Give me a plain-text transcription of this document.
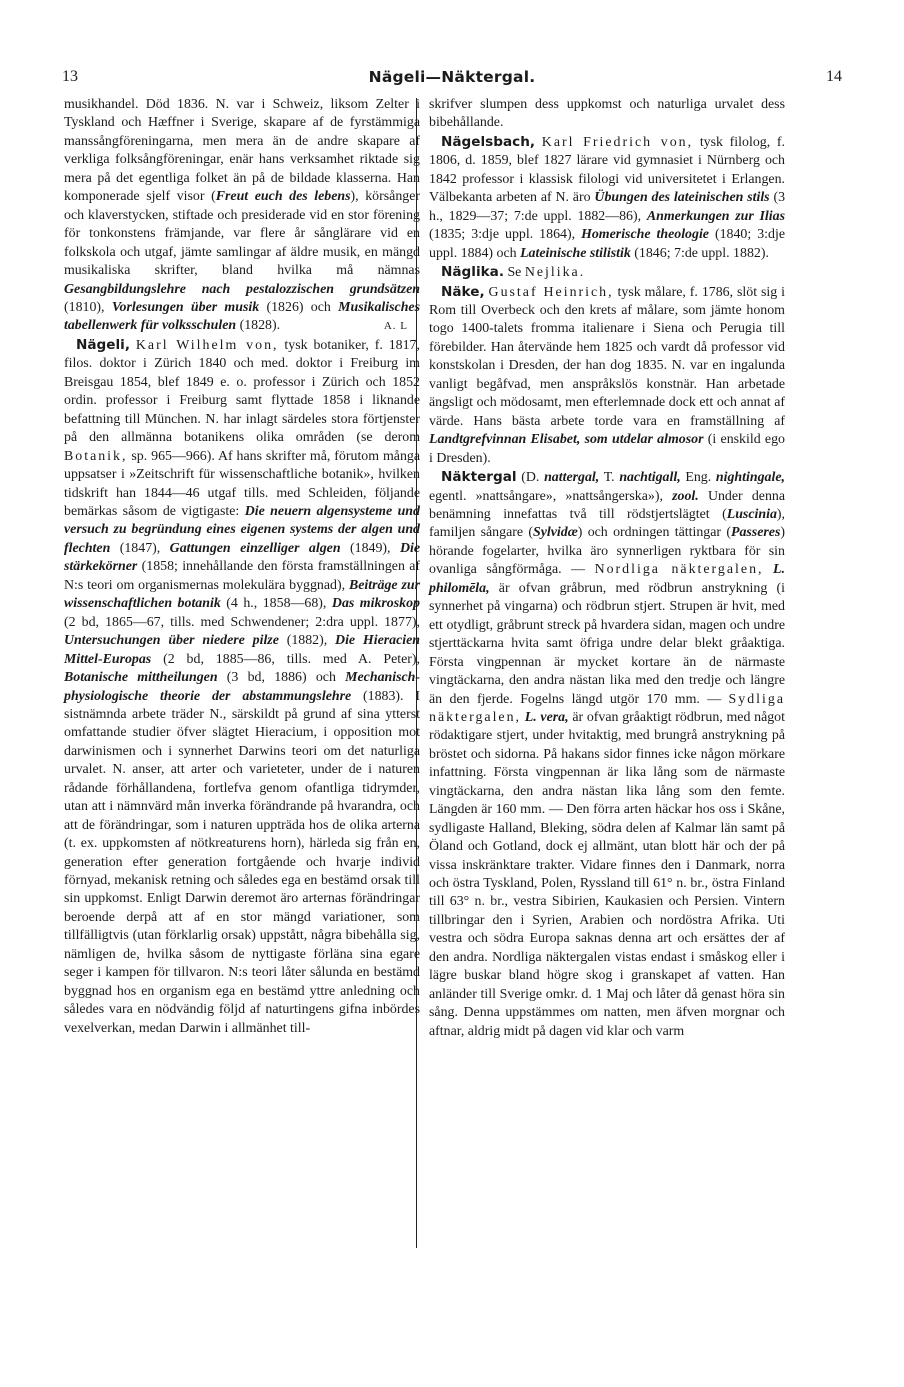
13	Nägeli—Näktergal.	14

musikhandel. Död 1836. N. var i Schweiz, liksom Zelter i Tyskland och Hæffner i Sverige, skapare af de fyrstämmiga manssångföreningarna, men mera än de andre skapare af verkliga folksångföreningar, enär hans verksamhet riktade sig mera på det egentliga folket än på de bildade klasserna. Han komponerade sjelf visor (Freut euch des lebens), körsånger och klaverstycken, stiftade och presiderade vid en stor förening för tonkonstens främjande, var flere år sånglärare vid en folkskola och utgaf, jämte samlingar af äldre musik, en mängd musikaliska skrifter, bland hvilka må nämnas Gesangbildungslehre nach pestalozzischen grundsätzen (1810), Vorlesungen über musik (1826) och Musikalisches tabellenwerk für volksschulen (1828).	A. L

Nägeli, Karl Wilhelm von, tysk botaniker, f. 1817, filos. doktor i Zürich 1840 och med. doktor i Freiburg im Breisgau 1854, blef 1849 e. o. professor i Zürich och 1852 ordin. professor i Freiburg samt flyttade 1858 i liknande befattning till München. N. har inlagt särdeles stora förtjenster på den allmänna botanikens olika områden (se derom Botanik, sp. 965—966). Af hans skrifter må, förutom många uppsatser i »Zeitschrift für wissenschaftliche botanik», hvilken tidskrift han 1844—46 utgaf tills. med Schleiden, följande bemärkas såsom de vigtigaste: Die neuern algensysteme und versuch zu begründung eines eigenen systems der algen und flechten (1847), Gattungen einzelliger algen (1849), Die stärkekörner (1858; innehållande den första framställningen af N:s teori om organismernas molekulära byggnad), Beiträge zur wissenschaftlichen botanik (4 h., 1858—68), Das mikroskop (2 bd, 1865—67, tills. med Schwendener; 2:dra uppl. 1877), Untersuchungen über niedere pilze (1882), Die Hieracien Mittel-Europas (2 bd, 1885—86, tills. med A. Peter), Botanische mittheilungen (3 bd, 1886) och Mechanisch-physiologische theorie der abstammungslehre (1883). I sistnämnda arbete träder N., särskildt på grund af sina ytterst omfattande studier öfver slägtet Hieracium, i opposition mot darwinismen och i synnerhet Darwins teori om det naturliga urvalet. N. anser, att arter och varieteter, under de i naturen rådande förhållandena, fortlefva genom ofantliga tidrymder, utan att i nämnvärd mån inverka förändrande på hvarandra, och att de förändringar, som i naturen uppträda hos de olika arterna (t. ex. uppkomsten af nötkreaturens horn), härleda sig från en, generation efter generation fortgående och hvarje individ förnyad, mekanisk retning och således ega en bestämd orsak till sin uppkomst. Enligt Darwin deremot äro arternas förändringar beroende derpå att af en stor mängd variationer, som tillfälligtvis (utan förklarlig orsak) uppstått, några bibehålla sig, nämligen de, hvilka såsom de nyttigaste förläna sina egare seger i kampen för tillvaron. N:s teori låter sålunda en bestämd byggnad hos en organism ega en bestämd yttre anledning och således vara en nödvändig följd af naturtingens gifna inbördes vexelverkan, medan Darwin i allmänhet till-

skrifver slumpen dess uppkomst och naturliga urvalet dess bibehållande.

Nägelsbach, Karl Friedrich von, tysk filolog, f. 1806, d. 1859, blef 1827 lärare vid gymnasiet i Nürnberg och 1842 professor i klassisk filologi vid universitetet i Erlangen. Välbekanta arbeten af N. äro Übungen des lateinischen stils (3 h., 1829—37; 7:de uppl. 1882—86), Anmerkungen zur Ilias (1835; 3:dje uppl. 1864), Homerische theologie (1840; 3:dje uppl. 1884) och Lateinische stilistik (1846; 7:de uppl. 1882).

Näglika. Se Nejlika.

Näke, Gustaf Heinrich, tysk målare, f. 1786, slöt sig i Rom till Overbeck och den krets af målare, som jämte honom togo 1400-talets fromma italienare i Siena och Perugia till förebilder. Han återvände hem 1825 och vardt då professor vid konstskolan i Dresden, der han dog 1835. N. var en ingalunda vanligt begåfvad, men anspråkslös konstnär. Han arbetade ängsligt och mödosamt, men efterlemnade dock ett och annat af värde. Hans bästa arbete torde vara en framställning af Landtgrefvinnan Elisabet, som utdelar almosor (i enskild ego i Dresden).

Näktergal (D. nattergal, T. nachtigall, Eng. nightingale, egentl. »nattsångare», »nattsångerska»), zool. Under denna benämning innefattas två till rödstjertslägtet (Luscinia), familjen sångare (Sylvidæ) och ordningen tättingar (Passeres) hörande fogelarter, hvilka äro synnerligen ryktbara för sin ovanliga sångförmåga. — Nordliga näktergalen, L. philomēla, är ofvan gråbrun, med rödbrun anstrykning (i synnerhet på vingarna) och rödbrun stjert. Strupen är hvit, med ett otydligt, gråbrunt streck på hvardera sidan, magen och undre stjerttäckarna hvita samt öfriga undre delar blekt gråaktiga. Första vingpennan är mycket kortare än de närmaste vingtäckarna, den andra nästan lika med den tredje och längre än den fjerde. Fogelns längd utgör 170 mm. — Sydliga näktergalen, L. vera, är ofvan gråaktigt rödbrun, med något rödaktigare stjert, under hvitaktig, med brungrå anstrykning på bröstet och sidorna. På hakans sidor finnes icke någon mörkare infattning. Första vingpennan är lika lång som de närmaste vingtäckarna, den andra nästan lika lång som den femte. Längden är 160 mm. — Den förra arten häckar hos oss i Skåne, sydligaste Halland, Bleking, södra delen af Kalmar län samt på Öland och Gotland, dock ej allmänt, utan blott här och der på vissa inskränktare trakter. Vidare finnes den i Danmark, norra och östra Tyskland, Polen, Ryssland till 61° n. br., östra Finland till 63° n. br., vestra Sibirien, Kaukasien och Persien. Vintern tillbringar den i Syrien, Arabien och nordöstra Afrika. Uti vestra och södra Europa saknas denna art och ersättes der af den andra. Nordliga näktergalen vistas endast i småskog eller i lägre buskar bland högre skog i granskapet af vatten. Han anländer till Sverige omkr. d. 1 Maj och låter då genast höra sin sång. Denna uppstämmes om natten, men äfven morgnar och aftnar, aldrig midt på dagen vid klar och varm
